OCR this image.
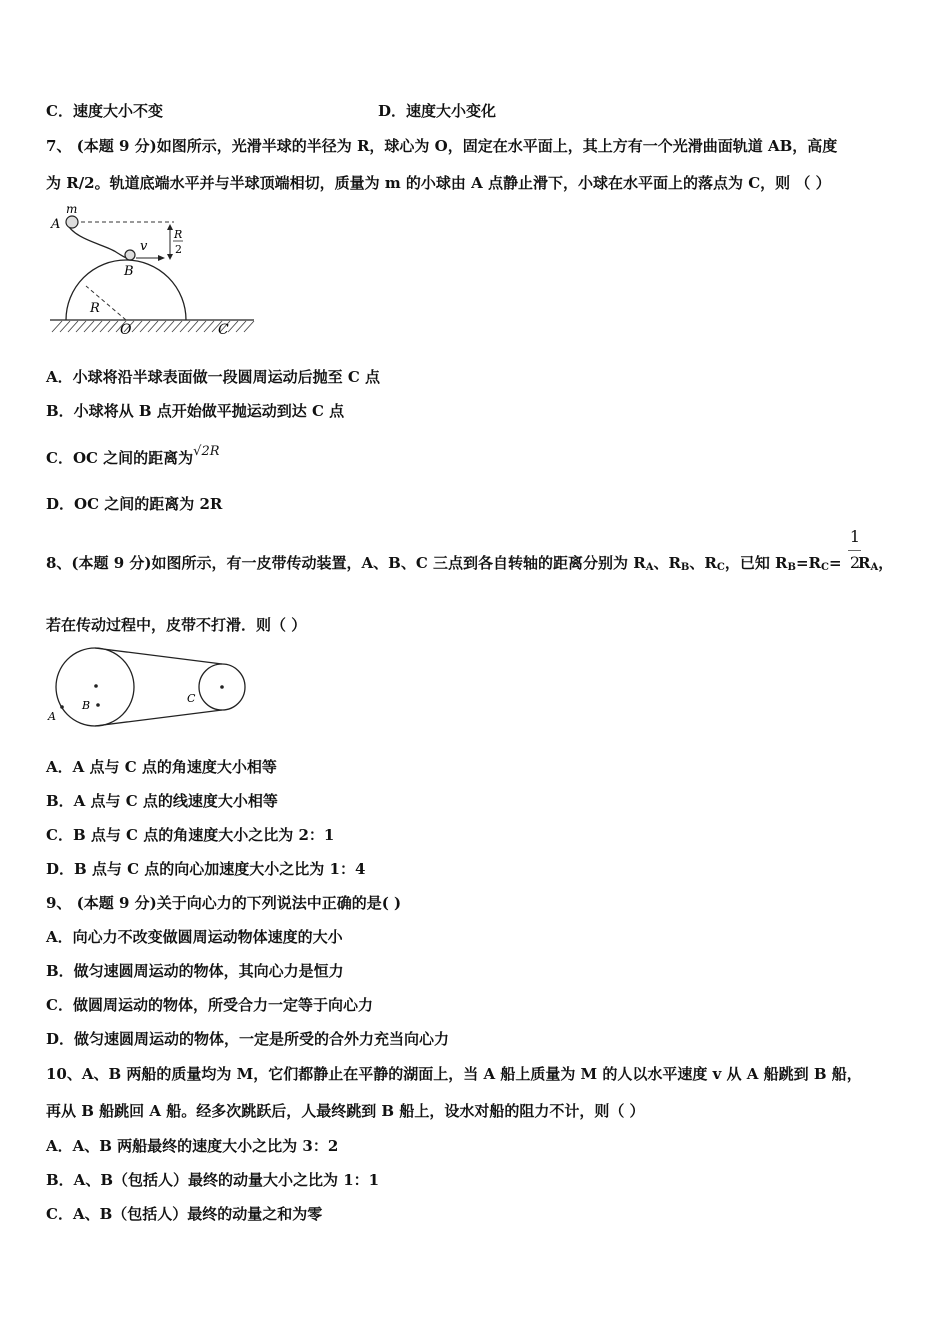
C．速度大小不变	D．速度大小变化
7、 (本题 9 分)如图所示，光滑半球的半径为 R，球心为 O，固定在水平面上，其上方有一个光滑曲面轨道 AB，高度
为 R/2。轨道底端水平并与半球顶端相切，质量为 m 的小球由 A 点静止滑下，小球在水平面上的落点为 C，则 （ ）
m
A
v
B
R
2
R
O	C
A．小球将沿半球表面做一段圆周运动后抛至 C 点
B．小球将从 B 点开始做平抛运动到达 C 点
C．OC 之间的距离为√2R
D．OC 之间的距离为 2R
8、(本题 9 分)如图所示，有一皮带传动装置，A、B、C 三点到各自转轴的距离分别为 $R_A$、$R_B$、$R_C$，已知 $R_B=R_C=$
1
2
$R_A$，
若在传动过程中，皮带不打滑．则（ ）
A
B
C
A．A 点与 C 点的角速度大小相等
B．A 点与 C 点的线速度大小相等
C．B 点与 C 点的角速度大小之比为 2：1
D．B 点与 C 点的向心加速度大小之比为 1：4
9、 (本题 9 分)关于向心力的下列说法中正确的是( )
A．向心力不改变做圆周运动物体速度的大小
B．做匀速圆周运动的物体，其向心力是恒力
C．做圆周运动的物体，所受合力一定等于向心力
D．做匀速圆周运动的物体，一定是所受的合外力充当向心力
10、A、B 两船的质量均为 M，它们都静止在平静的湖面上，当 A 船上质量为 M 的人以水平速度 v 从 A 船跳到 B 船，
再从 B 船跳回 A 船。经多次跳跃后，人最终跳到 B 船上，设水对船的阻力不计，则（ ）
A．A、B 两船最终的速度大小之比为 3：2
B．A、B（包括人）最终的动量大小之比为 1：1
C．A、B（包括人）最终的动量之和为零
